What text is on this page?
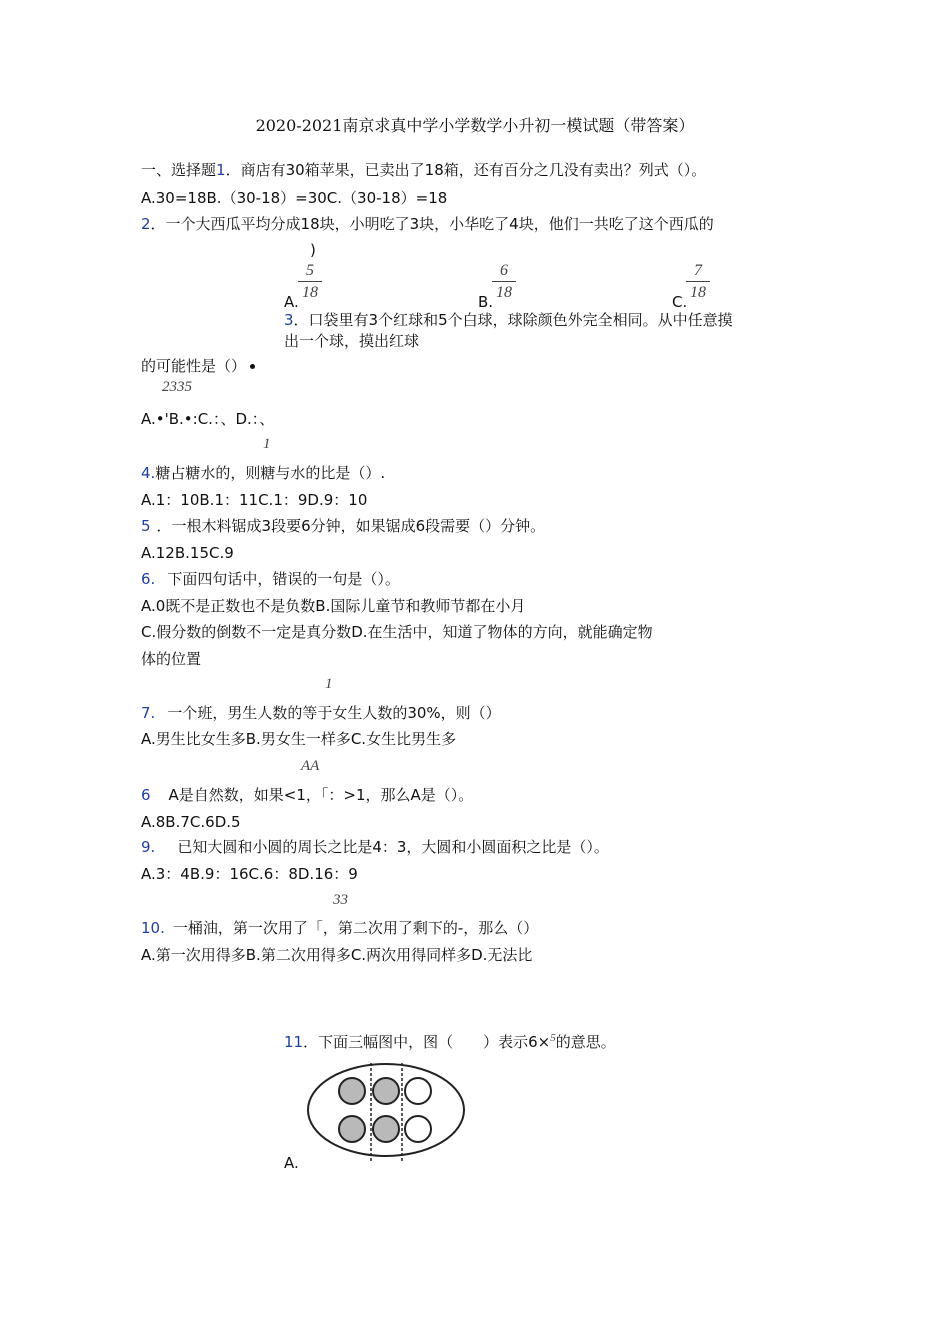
2020-2021南京求真中学小学数学小升初一模试题（带答案）
一、选择题1．商店有30箱苹果，已卖出了18箱，还有百分之几没有卖出？列式（）。
A.30=18B.（30-18）=30C.（30-18）=18
2．一个大西瓜平均分成18块，小明吃了3块，小华吃了4块，他们一共吃了这个西瓜的
)
A.
5
18
B.
6
18
C.
7
18
3．口袋里有3个红球和5个白球，球除颜色外完全相同。从中任意摸
出一个球，摸出红球
的可能性是（）
2335
A.•'B.•:C.：、D.：、
1
4.糖占糖水的，则糖与水的比是（）.
A.1：10B.1：11C.1：9D.9：10
5 ．一根木料锯成3段要6分钟，如果锯成6段需要（）分钟。
A.12B.15C.9
6. 下面四句话中，错误的一句是（）。
A.0既不是正数也不是负数B.国际儿童节和教师节都在小月
C.假分数的倒数不一定是真分数D.在生活中，知道了物体的方向，就能确定物
体的位置
1
7. 一个班，男生人数的等于女生人数的30%，则（）
A.男生比女生多B.男女生一样多C.女生比男生多
AA
6 A是自然数，如果<1，「：>1，那么A是（）。
A.8B.7C.6D.5
9. 已知大圆和小圆的周长之比是4：3，大圆和小圆面积之比是（）。
A.3：4B.9：16C.6：8D.16：9
33
10. 一桶油，第一次用了「，第二次用了剩下的-，那么（）
A.第一次用得多B.第二次用得多C.两次用得同样多D.无法比
11．下面三幅图中，图（　　）表示6×$^5$的意思。
A.
